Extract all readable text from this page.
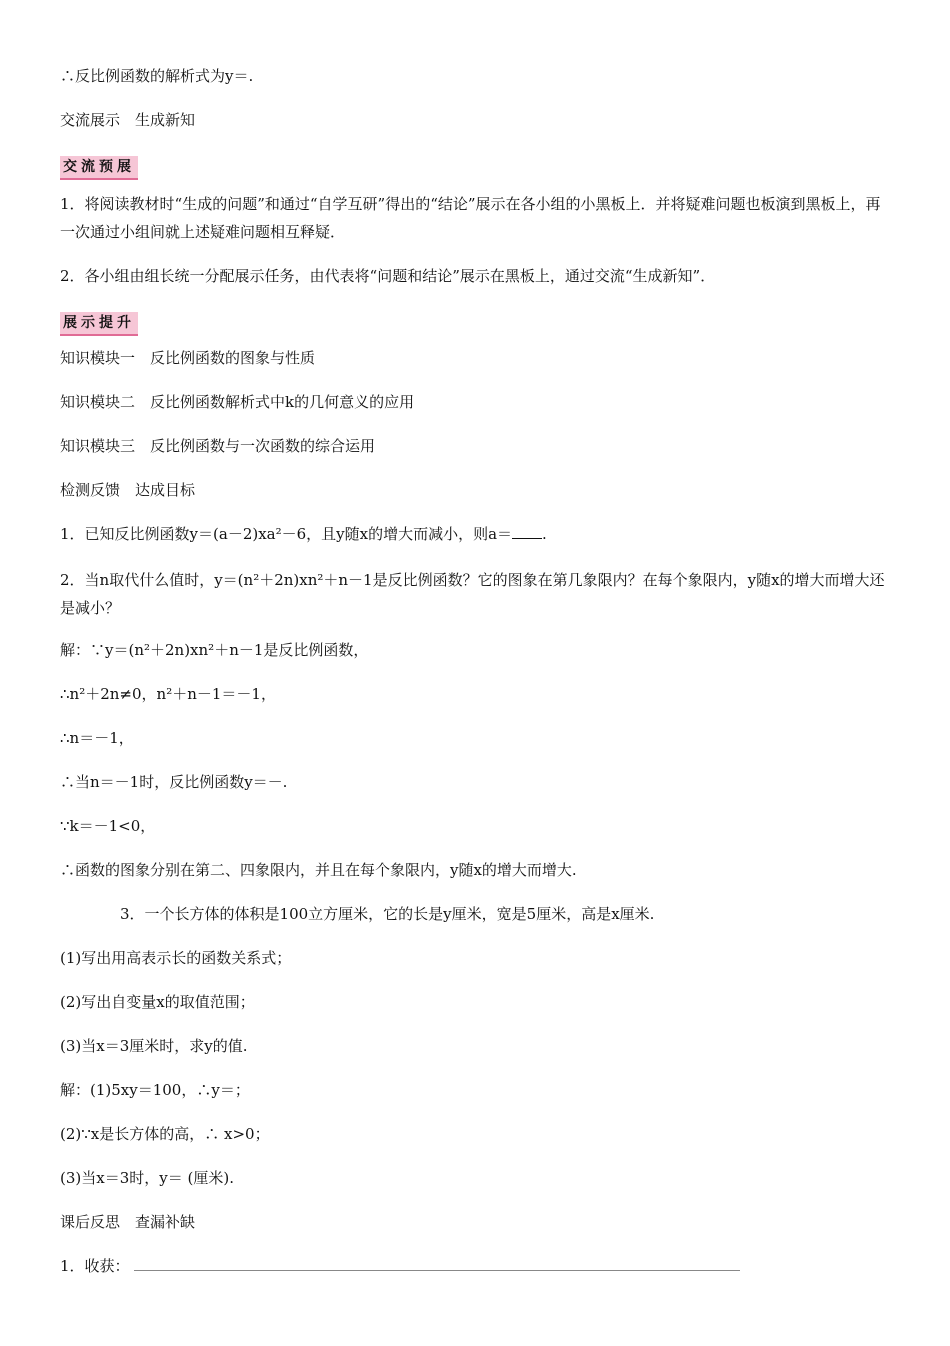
∴反比例函数的解析式为y＝.
交流展示　生成新知
交流预展
1．将阅读教材时“生成的问题”和通过“自学互研”得出的“结论”展示在各小组的小黑板上．并将疑难问题也板演到黑板上，再一次通过小组间就上述疑难问题相互释疑．
2．各小组由组长统一分配展示任务，由代表将“问题和结论”展示在黑板上，通过交流“生成新知”．
展示提升
知识模块一　反比例函数的图象与性质
知识模块二　反比例函数解析式中k的几何意义的应用
知识模块三　反比例函数与一次函数的综合运用
检测反馈　达成目标
1．已知反比例函数y＝(a－2)xa²－6，且y随x的增大而减小，则a＝ .
2．当n取代什么值时，y＝(n²＋2n)xn²＋n－1是反比例函数？它的图象在第几象限内？在每个象限内，y随x的增大而增大还是减小？
解：∵y＝(n²＋2n)xn²＋n－1是反比例函数，
∴n²＋2n≠0，n²＋n－1＝－1，
∴n＝－1，
∴当n＝－1时，反比例函数y＝－.
∵k＝－1<0，
∴函数的图象分别在第二、四象限内，并且在每个象限内，y随x的增大而增大.
3．一个长方体的体积是100立方厘米，它的长是y厘米，宽是5厘米，高是x厘米.
(1)写出用高表示长的函数关系式；
(2)写出自变量x的取值范围；
(3)当x＝3厘米时，求y的值.
解：(1)5xy＝100，∴y＝；
(2)∵x是长方体的高，∴ x>0；
(3)当x＝3时，y＝ (厘米).
课后反思　查漏补缺
1．收获：
